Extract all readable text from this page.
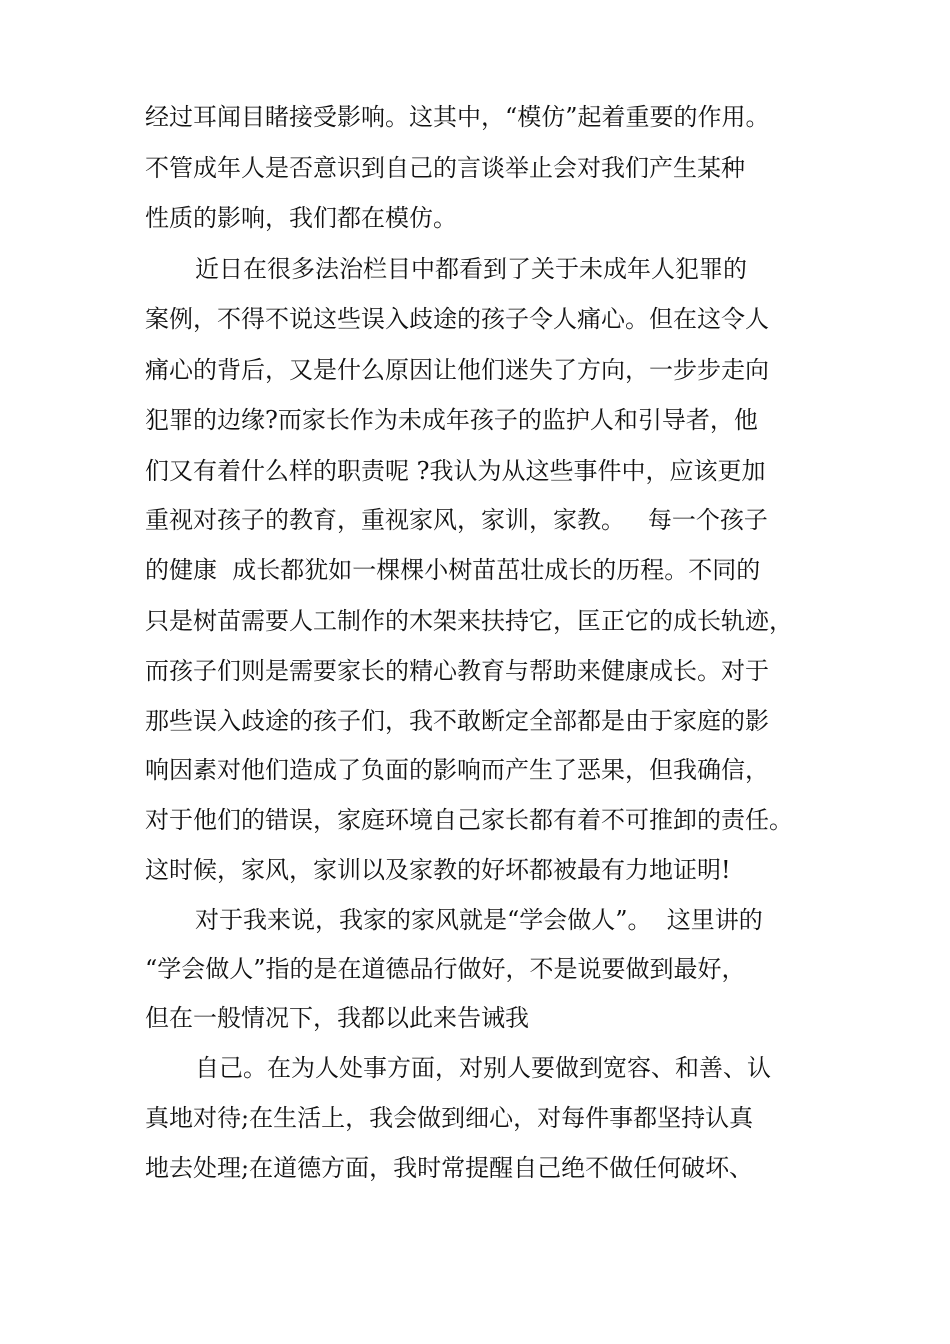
经过耳闻目睹接受影响。这其中，“模仿”起着重要的作用。
不管成年人是否意识到自己的言谈举止会对我们产生某种
性质的影响，我们都在模仿。
近日在很多法治栏目中都看到了关于未成年人犯罪的
案例，不得不说这些误入歧途的孩子令人痛心。但在这令人
痛心的背后，又是什么原因让他们迷失了方向，一步步走向
犯罪的边缘?而家长作为未成年孩子的监护人和引导者，他
们又有着什么样的职责呢 ?我认为从这些事件中，应该更加
重视对孩子的教育，重视家风，家训，家教。   每一个孩子
的健康  成长都犹如一棵棵小树苗茁壮成长的历程。不同的
只是树苗需要人工制作的木架来扶持它，匡正它的成长轨迹，
而孩子们则是需要家长的精心教育与帮助来健康成长。对于
那些误入歧途的孩子们，我不敢断定全部都是由于家庭的影
响因素对他们造成了负面的影响而产生了恶果，但我确信，
对于他们的错误，家庭环境自己家长都有着不可推卸的责任。
这时候，家风，家训以及家教的好坏都被最有力地证明!
对于我来说，我家的家风就是“学会做人”。  这里讲的
“学会做人”指的是在道德品行做好，不是说要做到最好，
但在一般情况下，我都以此来告诫我
自己。在为人处事方面，对别人要做到宽容、和善、认
真地对待;在生活上，我会做到细心，对每件事都坚持认真
地去处理;在道德方面，我时常提醒自己绝不做任何破坏、
